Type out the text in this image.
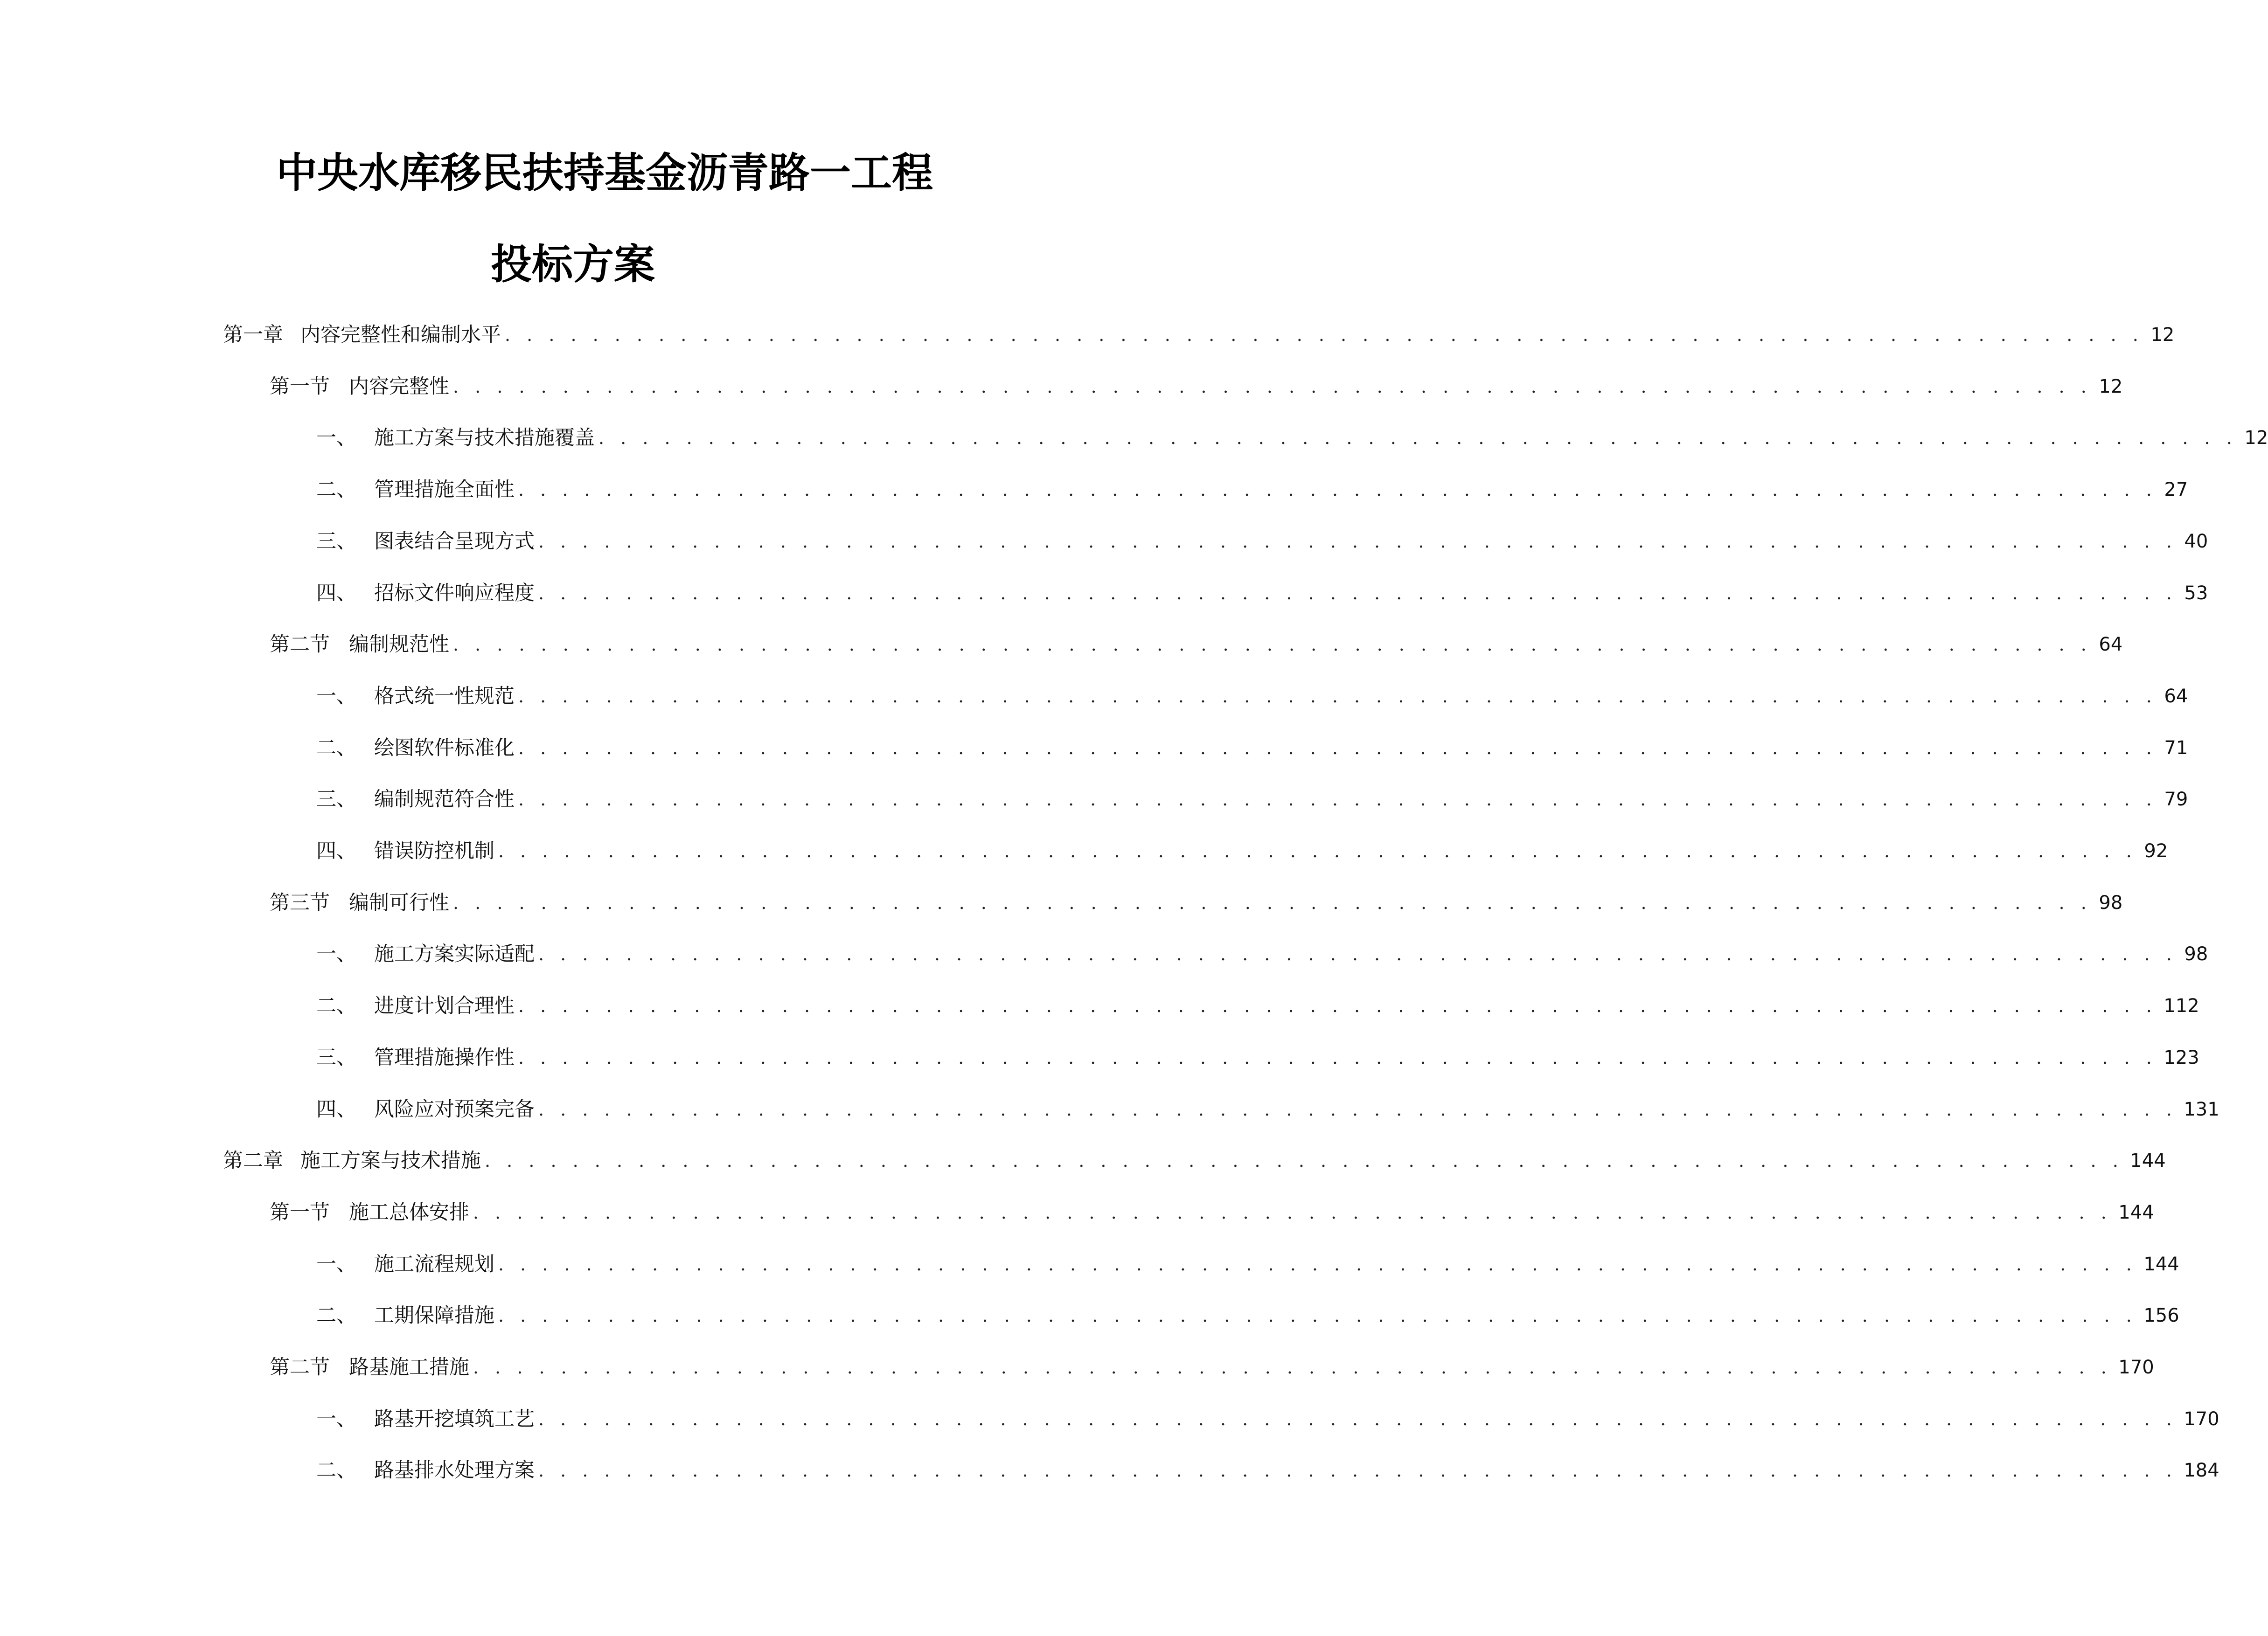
中央水库移民扶持基金沥青路一工程
投标方案
第一章 内容完整性和编制水平 . . . . . . . . . . . . . . . . . . . . . . . . . . . . . . . . . . . . . . . . . . . . . . . . . . . . . . . . . . . . . . . . . . . . . . . . . . . 12
第一节 内容完整性 . . . . . . . . . . . . . . . . . . . . . . . . . . . . . . . . . . . . . . . . . . . . . . . . . . . . . . . . . . . . . . . . . . . . . . . . . . . 12
一、 施工方案与技术措施覆盖 . . . . . . . . . . . . . . . . . . . . . . . . . . . . . . . . . . . . . . . . . . . . . . . . . . . . . . . . . . . . . . . . . . . . . . . . . . . 12
二、 管理措施全面性 . . . . . . . . . . . . . . . . . . . . . . . . . . . . . . . . . . . . . . . . . . . . . . . . . . . . . . . . . . . . . . . . . . . . . . . . . . . 27
三、 图表结合呈现方式 . . . . . . . . . . . . . . . . . . . . . . . . . . . . . . . . . . . . . . . . . . . . . . . . . . . . . . . . . . . . . . . . . . . . . . . . . . . 40
四、 招标文件响应程度 . . . . . . . . . . . . . . . . . . . . . . . . . . . . . . . . . . . . . . . . . . . . . . . . . . . . . . . . . . . . . . . . . . . . . . . . . . . 53
第二节 编制规范性 . . . . . . . . . . . . . . . . . . . . . . . . . . . . . . . . . . . . . . . . . . . . . . . . . . . . . . . . . . . . . . . . . . . . . . . . . . . 64
一、 格式统一性规范 . . . . . . . . . . . . . . . . . . . . . . . . . . . . . . . . . . . . . . . . . . . . . . . . . . . . . . . . . . . . . . . . . . . . . . . . . . . 64
二、 绘图软件标准化 . . . . . . . . . . . . . . . . . . . . . . . . . . . . . . . . . . . . . . . . . . . . . . . . . . . . . . . . . . . . . . . . . . . . . . . . . . . 71
三、 编制规范符合性 . . . . . . . . . . . . . . . . . . . . . . . . . . . . . . . . . . . . . . . . . . . . . . . . . . . . . . . . . . . . . . . . . . . . . . . . . . . 79
四、 错误防控机制 . . . . . . . . . . . . . . . . . . . . . . . . . . . . . . . . . . . . . . . . . . . . . . . . . . . . . . . . . . . . . . . . . . . . . . . . . . . 92
第三节 编制可行性 . . . . . . . . . . . . . . . . . . . . . . . . . . . . . . . . . . . . . . . . . . . . . . . . . . . . . . . . . . . . . . . . . . . . . . . . . . . 98
一、 施工方案实际适配 . . . . . . . . . . . . . . . . . . . . . . . . . . . . . . . . . . . . . . . . . . . . . . . . . . . . . . . . . . . . . . . . . . . . . . . . . . . 98
二、 进度计划合理性 . . . . . . . . . . . . . . . . . . . . . . . . . . . . . . . . . . . . . . . . . . . . . . . . . . . . . . . . . . . . . . . . . . . . . . . . . . . 112
三、 管理措施操作性 . . . . . . . . . . . . . . . . . . . . . . . . . . . . . . . . . . . . . . . . . . . . . . . . . . . . . . . . . . . . . . . . . . . . . . . . . . . 123
四、 风险应对预案完备 . . . . . . . . . . . . . . . . . . . . . . . . . . . . . . . . . . . . . . . . . . . . . . . . . . . . . . . . . . . . . . . . . . . . . . . . . . . 131
第二章 施工方案与技术措施 . . . . . . . . . . . . . . . . . . . . . . . . . . . . . . . . . . . . . . . . . . . . . . . . . . . . . . . . . . . . . . . . . . . . . . . . . . . 144
第一节 施工总体安排 . . . . . . . . . . . . . . . . . . . . . . . . . . . . . . . . . . . . . . . . . . . . . . . . . . . . . . . . . . . . . . . . . . . . . . . . . . . 144
一、 施工流程规划 . . . . . . . . . . . . . . . . . . . . . . . . . . . . . . . . . . . . . . . . . . . . . . . . . . . . . . . . . . . . . . . . . . . . . . . . . . . 144
二、 工期保障措施 . . . . . . . . . . . . . . . . . . . . . . . . . . . . . . . . . . . . . . . . . . . . . . . . . . . . . . . . . . . . . . . . . . . . . . . . . . . 156
第二节 路基施工措施 . . . . . . . . . . . . . . . . . . . . . . . . . . . . . . . . . . . . . . . . . . . . . . . . . . . . . . . . . . . . . . . . . . . . . . . . . . . 170
一、 路基开挖填筑工艺 . . . . . . . . . . . . . . . . . . . . . . . . . . . . . . . . . . . . . . . . . . . . . . . . . . . . . . . . . . . . . . . . . . . . . . . . . . . 170
二、 路基排水处理方案 . . . . . . . . . . . . . . . . . . . . . . . . . . . . . . . . . . . . . . . . . . . . . . . . . . . . . . . . . . . . . . . . . . . . . . . . . . . 184
